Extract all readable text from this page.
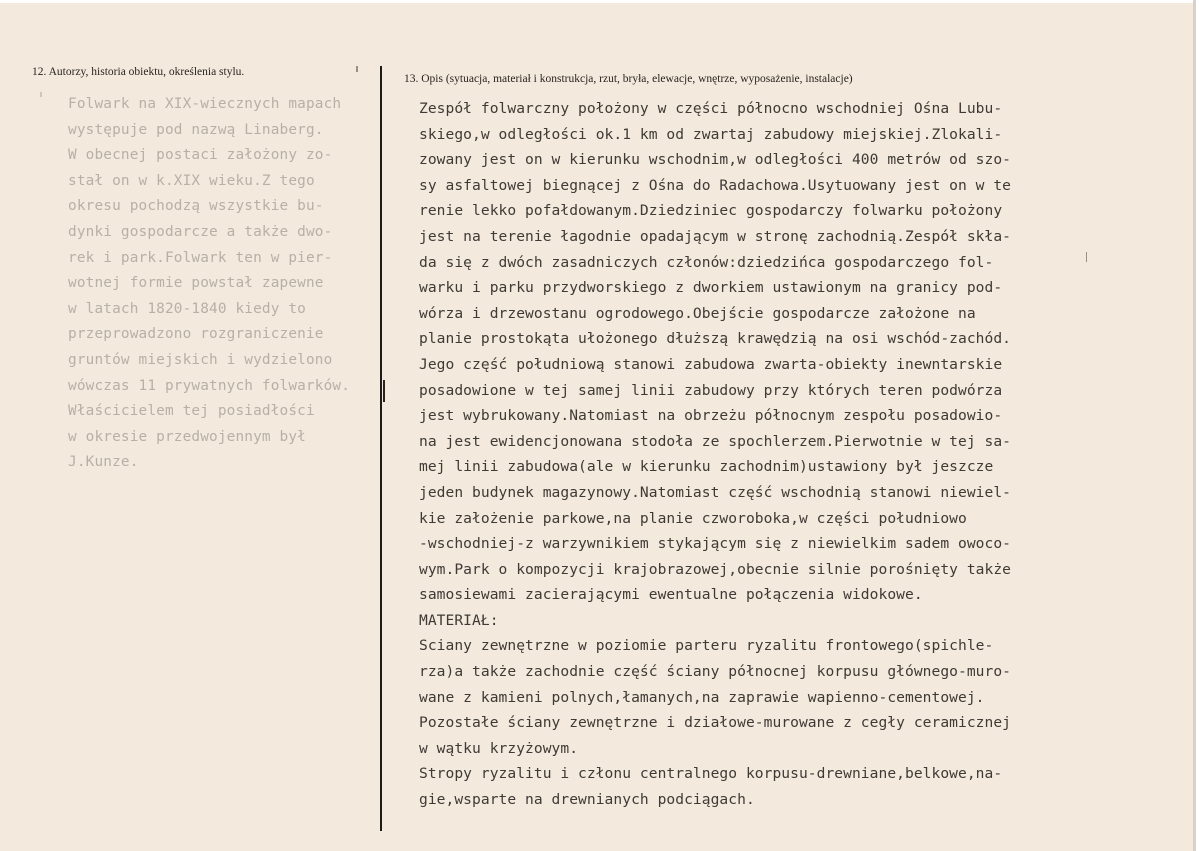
12. Autorzy, historia obiektu, określenia stylu.
13. Opis (sytuacja, materiał i konstrukcja, rzut, bryła, elewacje, wnętrze, wyposażenie, instalacje)
Folwark na XIX-wiecznych mapach
występuje pod nazwą Linaberg.
W obecnej postaci założony zo-
stał on w k.XIX wieku.Z tego
okresu pochodzą wszystkie bu-
dynki gospodarcze a także dwo-
rek i park.Folwark ten w pier-
wotnej formie powstał zapewne
w latach 1820-1840 kiedy to
przeprowadzono rozgraniczenie
gruntów miejskich i wydzielono
wówczas 11 prywatnych folwarków.
Właścicielem tej posiadłości
w okresie przedwojennym był
J.Kunze.
Zespół folwarczny położony w części północno wschodniej Ośna Lubu-
skiego,w odległości ok.1 km od zwartaj zabudowy miejskiej.Zlokali-
zowany jest on w kierunku wschodnim,w odległości 400 metrów od szo-
sy asfaltowej biegnącej z Ośna do Radachowa.Usytuowany jest on w te
renie lekko pofałdowanym.Dziedziniec gospodarczy folwarku położony
jest na terenie łagodnie opadającym w stronę zachodnią.Zespół skła-
da się z dwóch zasadniczych członów:dziedzińca gospodarczego fol-
warku i parku przydworskiego z dworkiem ustawionym na granicy pod-
wórza i drzewostanu ogrodowego.Obejście gospodarcze założone na
planie prostokąta ułożonego dłuższą krawędzią na osi wschód-zachód.
Jego część południową stanowi zabudowa zwarta-obiekty inewntarskie
posadowione w tej samej linii zabudowy przy których teren podwórza
jest wybrukowany.Natomiast na obrzeżu północnym zespołu posadowio-
na jest ewidencjonowana stodoła ze spochlerzem.Pierwotnie w tej sa-
mej linii zabudowa(ale w kierunku zachodnim)ustawiony był jeszcze
jeden budynek magazynowy.Natomiast część wschodnią stanowi niewiel-
kie założenie parkowe,na planie czworoboka,w części południowo
-wschodniej-z warzywnikiem stykającym się z niewielkim sadem owoco-
wym.Park o kompozycji krajobrazowej,obecnie silnie porośnięty także
samosiewami zacierającymi ewentualne połączenia widokowe.
MATERIAŁ:
Sciany zewnętrzne w poziomie parteru ryzalitu frontowego(spichle-
rza)a także zachodnie część ściany północnej korpusu głównego-muro-
wane z kamieni polnych,łamanych,na zaprawie wapienno-cementowej.
Pozostałe ściany zewnętrzne i działowe-murowane z cegły ceramicznej
w wątku krzyżowym.
Stropy ryzalitu i członu centralnego korpusu-drewniane,belkowe,na-
gie,wsparte na drewnianych podciągach.
